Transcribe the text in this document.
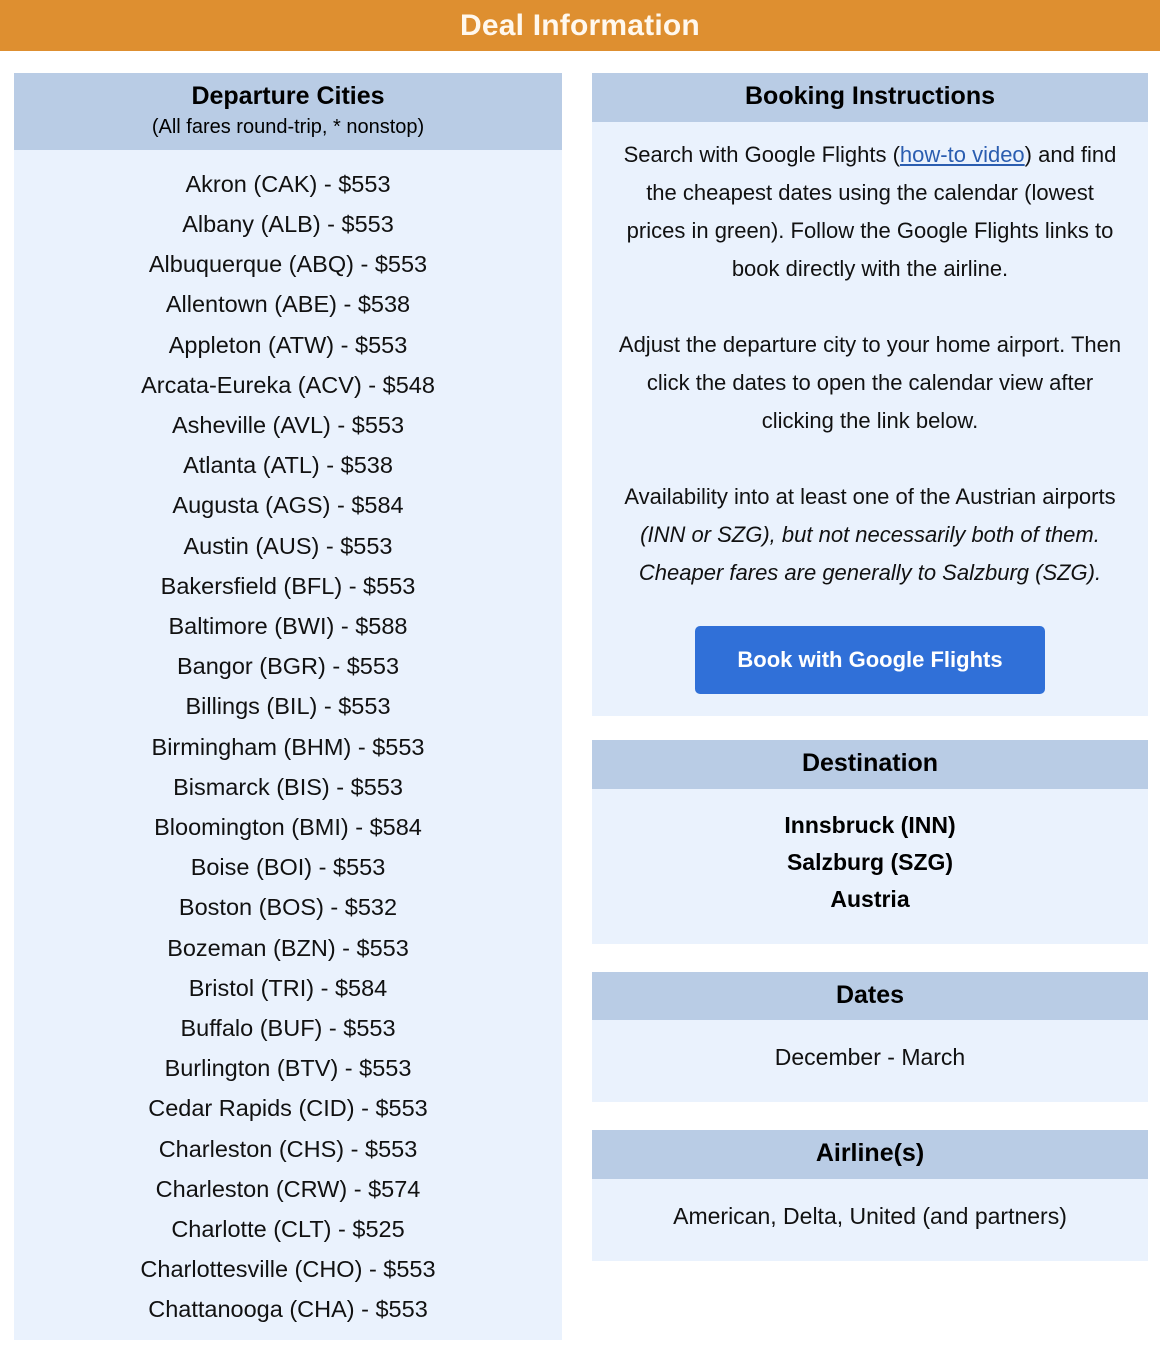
Deal Information
Departure Cities
(All fares round-trip, * nonstop)
Akron (CAK) - $553
Albany (ALB) - $553
Albuquerque (ABQ) - $553
Allentown (ABE) - $538
Appleton (ATW) - $553
Arcata-Eureka (ACV) - $548
Asheville (AVL) - $553
Atlanta (ATL) - $538
Augusta (AGS) - $584
Austin (AUS) - $553
Bakersfield (BFL) - $553
Baltimore (BWI) - $588
Bangor (BGR) - $553
Billings (BIL) - $553
Birmingham (BHM) - $553
Bismarck (BIS) - $553
Bloomington (BMI) - $584
Boise (BOI) - $553
Boston (BOS) - $532
Bozeman (BZN) - $553
Bristol (TRI) - $584
Buffalo (BUF) - $553
Burlington (BTV) - $553
Cedar Rapids (CID) - $553
Charleston (CHS) - $553
Charleston (CRW) - $574
Charlotte (CLT) - $525
Charlottesville (CHO) - $553
Chattanooga (CHA) - $553
Booking Instructions

Search with Google Flights (how-to video) and find the cheapest dates using the calendar (lowest prices in green). Follow the Google Flights links to book directly with the airline.

Adjust the departure city to your home airport. Then click the dates to open the calendar view after clicking the link below.

Availability into at least one of the Austrian airports (INN or SZG), but not necessarily both of them. Cheaper fares are generally to Salzburg (SZG).

Book with Google Flights
Destination
Innsbruck (INN)
Salzburg (SZG)
Austria
Dates
December - March
Airline(s)
American, Delta, United (and partners)
